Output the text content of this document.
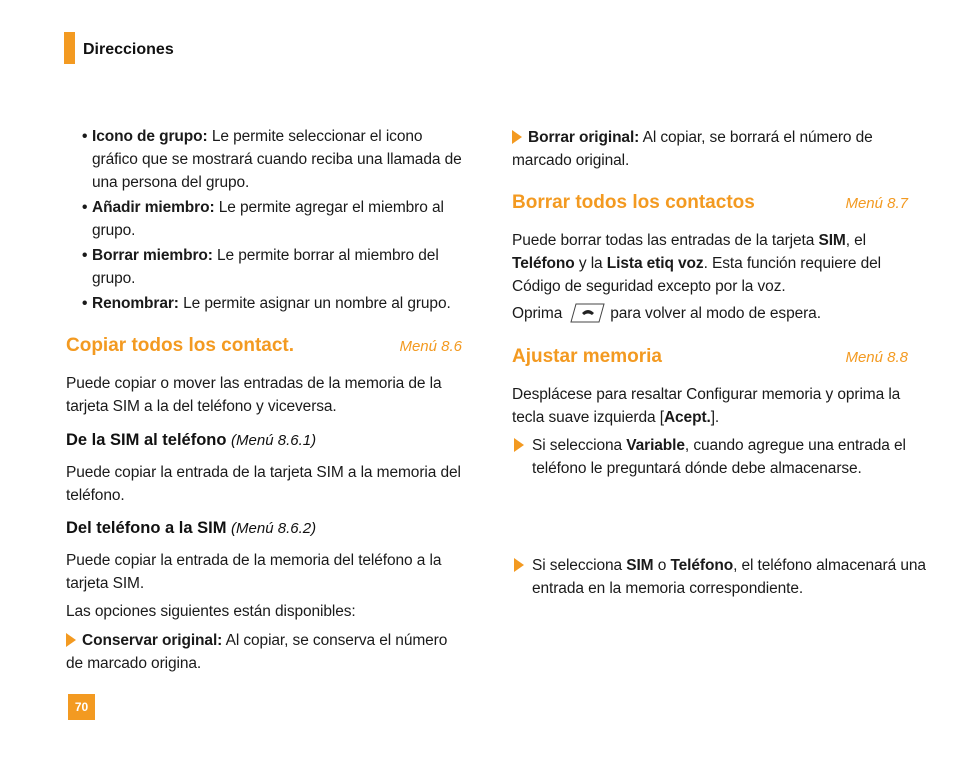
Direcciones

• Icono de grupo: Le permite seleccionar el icono gráfico que se mostrará cuando reciba una llamada de una persona del grupo.

• Añadir miembro: Le permite agregar el miembro al grupo.

• Borrar miembro: Le permite borrar al miembro del grupo.

• Renombrar: Le permite asignar un nombre al grupo.

Copiar todos los contact.	Menú 8.6

Puede copiar o mover las entradas de la memoria de la tarjeta SIM a la del teléfono y viceversa.

De la SIM al teléfono (Menú 8.6.1)

Puede copiar la entrada de la tarjeta SIM a la memoria del teléfono.

Del teléfono a la SIM (Menú 8.6.2)

Puede copiar la entrada de la memoria del teléfono a la tarjeta SIM.

Las opciones siguientes están disponibles:

Conservar original: Al copiar, se conserva el número de marcado origina.

Borrar original: Al copiar, se borrará el número de marcado original.

Borrar todos los contactos	Menú 8.7

Puede borrar todas las entradas de la tarjeta SIM, el Teléfono y la Lista etiq voz. Esta función requiere del Código de seguridad excepto por la voz.

Oprima	para volver al modo de espera.

Ajustar memoria	Menú 8.8

Desplácese para resaltar Configurar memoria y oprima la tecla suave izquierda [Acept.].

Si selecciona Variable, cuando agregue una entrada el teléfono le preguntará dónde debe almacenarse.

Si selecciona SIM o Teléfono, el teléfono almacenará una entrada en la memoria correspondiente.

70
